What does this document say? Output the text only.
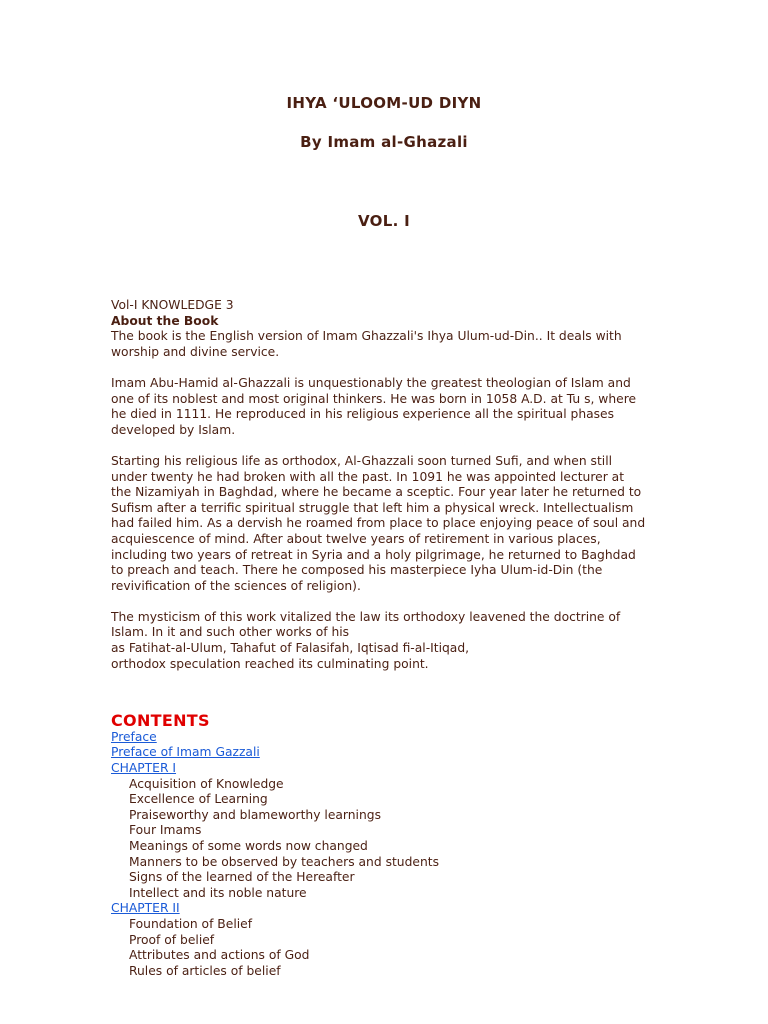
IHYA ‘ULOOM-UD DIYN
By Imam al-Ghazali
VOL. I

Vol-I KNOWLEDGE 3

About the Book

The book is the English version of Imam Ghazzali's Ihya Ulum-ud-Din.. It deals with

worship and divine service.

Imam Abu-Hamid al-Ghazzali is unquestionably the greatest theologian of Islam and

one of its noblest and most original thinkers. He was born in 1058 A.D. at Tu s, where

he died in 1111. He reproduced in his religious experience all the spiritual phases

developed by Islam.

Starting his religious life as orthodox, Al-Ghazzali soon turned Sufi, and when still

under twenty he had broken with all the past. In 1091 he was appointed lecturer at

the Nizamiyah in Baghdad, where he became a sceptic. Four year later he returned to

Sufism after a terrific spiritual struggle that left him a physical wreck. Intellectualism

had failed him. As a dervish he roamed from place to place enjoying peace of soul and

acquiescence of mind. After about twelve years of retirement in various places,

including two years of retreat in Syria and a holy pilgrimage, he returned to Baghdad

to preach and teach. There he composed his masterpiece Iyha Ulum-id-Din (the

revivification of the sciences of religion).

The mysticism of this work vitalized the law its orthodoxy leavened the doctrine of

Islam. In it and such other works of his

as Fatihat-al-Ulum, Tahafut of Falasifah, Iqtisad fi-al-Itiqad,

orthodox speculation reached its culminating point.

CONTENTS

Preface

Preface of Imam Gazzali

CHAPTER I

Acquisition of Knowledge

Excellence of Learning

Praiseworthy and blameworthy learnings

Four Imams

Meanings of some words now changed

Manners to be observed by teachers and students

Signs of the learned of the Hereafter

Intellect and its noble nature

CHAPTER II

Foundation of Belief

Proof of belief

Attributes and actions of God

Rules of articles of belief
